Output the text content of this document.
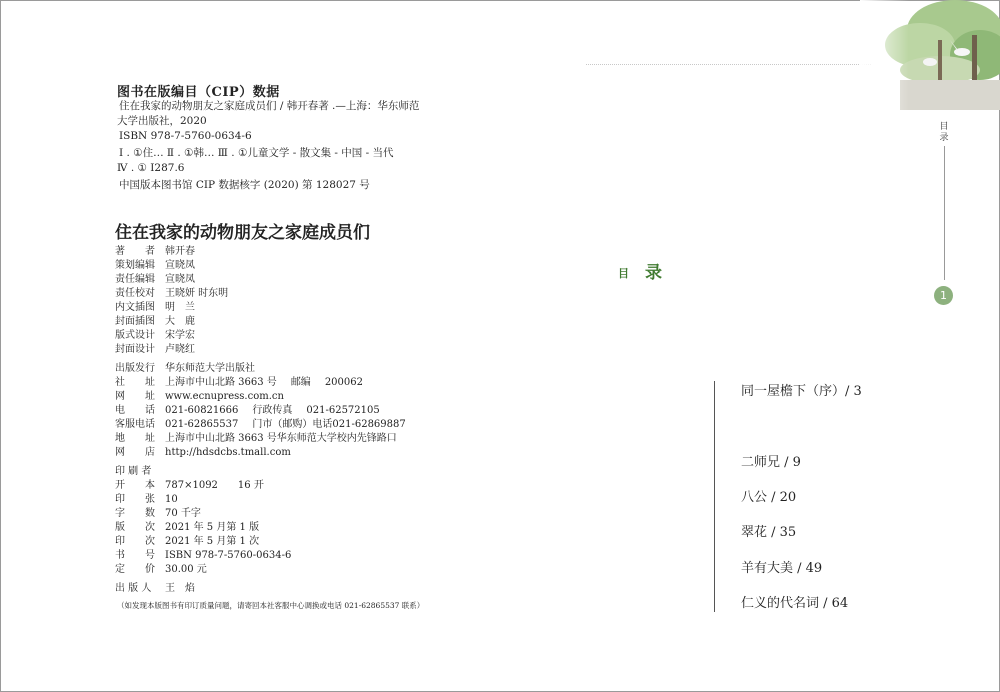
图书在版编目（CIP）数据
住在我家的动物朋友之家庭成员们 / 韩开春著 .—上海：华东师范
大学出版社，2020
ISBN 978-7-5760-0634-6
Ⅰ . ①住… Ⅱ . ①韩… Ⅲ . ①儿童文学 - 散文集 - 中国 - 当代
Ⅳ . ① I287.6
中国版本图书馆 CIP 数据核字 (2020) 第 128027 号
住在我家的动物朋友之家庭成员们
著　　者 韩开春
策划编辑 宣晓凤
责任编辑 宣晓凤
责任校对 王晓妍 时东明
内文插图 明　兰
封面插图 大　鹿
版式设计 宋学宏
封面设计 卢晓红
出版发行 华东师范大学出版社
社　　址 上海市中山北路 3663 号 邮编 200062
网　　址 www.ecnupress.com.cn
电　　话 021-60821666 行政传真 021-62572105
客服电话 021-62865537 门市（邮购）电话021-62869887
地　　址 上海市中山北路 3663 号华东师范大学校内先锋路口
网　　店 http://hdsdcbs.tmall.com
印 刷 者
开　　本 787×1092　　16 开
印　　张 10
字　　数 70 千字
版　　次 2021 年 5 月第 1 版
印　　次 2021 年 5 月第 1 次
书　　号 ISBN 978-7-5760-0634-6
定　　价 30.00 元
出 版 人 王　焰
（如发现本版图书有印订质量问题，请寄回本社客服中心调换或电话 021-62865537 联系）
目录
1
目 录
同一屋檐下（序）/ 3
二师兄 / 9
八公 / 20
翠花 / 35
羊有大美 / 49
仁义的代名词 / 64
